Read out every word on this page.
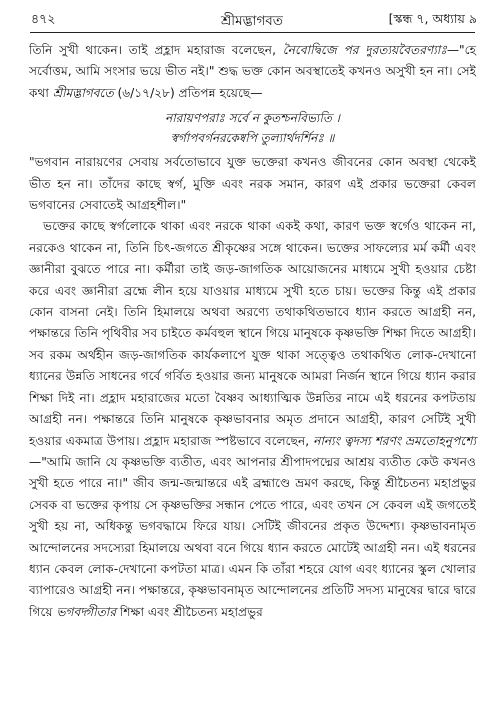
৪৭২	শ্রীমদ্ভাগবত	[স্কন্ধ ৭, অধ্যায় ৯

তিনি সুখী থাকেন। তাই প্রহ্লাদ মহারাজ বলেছেন, নৈবোদ্বিজে পর দুরত্যয়বৈতরণ্যাঃ—"হে সর্বোত্তম, আমি সংসার ভয়ে ভীত নই।" শুদ্ধ ভক্ত কোন অবস্থাতেই কখনও অসুখী হন না। সেই কথা শ্রীমদ্ভাগবতে (৬/১৭/২৮) প্রতিপন্ন হয়েছে—

নারায়ণপরাঃ সর্বে ন কুতশ্চনবিভ্যতি ।
স্বর্গাপবর্গনরকেষ্বপি তুল্যার্থদর্শিনঃ ॥

"ভগবান নারায়ণের সেবায় সর্বতোভাবে যুক্ত ভক্তেরা কখনও জীবনের কোন অবস্থা থেকেই ভীত হন না। তাঁদের কাছে স্বর্গ, মুক্তি এবং নরক সমান, কারণ এই প্রকার ভক্তেরা কেবল ভগবানের সেবাতেই আগ্রহশীল।"

ভক্তের কাছে স্বর্গলোকে থাকা এবং নরকে থাকা একই কথা, কারণ ভক্ত স্বর্গেও থাকেন না, নরকেও থাকেন না, তিনি চিৎ-জগতে শ্রীকৃষ্ণের সঙ্গে থাকেন। ভক্তের সাফল্যের মর্ম কর্মী এবং জ্ঞানীরা বুঝতে পারে না। কর্মীরা তাই জড়-জাগতিক আয়োজনের মাধ্যমে সুখী হওয়ার চেষ্টা করে এবং জ্ঞানীরা ব্রহ্মে লীন হয়ে যাওয়ার মাধ্যমে সুখী হতে চায়। ভক্তের কিন্তু এই প্রকার কোন বাসনা নেই। তিনি হিমালয়ে অথবা অরণ্যে তথাকথিতভাবে ধ্যান করতে আগ্রহী নন, পক্ষান্তরে তিনি পৃথিবীর সব চাইতে কর্মবহুল স্থানে গিয়ে মানুষকে কৃষ্ণভক্তি শিক্ষা দিতে আগ্রহী। সব রকম অর্থহীন জড়-জাগতিক কার্যকলাপে যুক্ত থাকা সত্ত্বেও তথাকথিত লোক-দেখানো ধ্যানের উন্নতি সাধনের গর্বে গর্বিত হওয়ার জন্য মানুষকে আমরা নির্জন স্থানে গিয়ে ধ্যান করার শিক্ষা দিই না। প্রহ্লাদ মহারাজের মতো বৈষ্ণব আধ্যাত্মিক উন্নতির নামে এই ধরনের কপটতায় আগ্রহী নন। পক্ষান্তরে তিনি মানুষকে কৃষ্ণভাবনার অমৃত প্রদানে আগ্রহী, কারণ সেটিই সুখী হওয়ার একমাত্র উপায়। প্রহ্লাদ মহারাজ স্পষ্টভাবে বলেছেন, নান্যং ত্বদস্য শরণং ভ্রমতোহনুপশ্যে—"আমি জানি যে কৃষ্ণভক্তি ব্যতীত, এবং আপনার শ্রীপাদপদ্মের আশ্রয় ব্যতীত কেউ কখনও সুখী হতে পারে না।" জীব জন্ম-জন্মান্তরে এই ব্রহ্মাণ্ডে ভ্রমণ করছে, কিন্তু শ্রীচৈতন্য মহাপ্রভুর সেবক বা ভক্তের কৃপায় সে কৃষ্ণভক্তির সন্ধান পেতে পারে, এবং তখন সে কেবল এই জগতেই সুখী হয় না, অধিকন্তু ভগবদ্ধামে ফিরে যায়। সেটিই জীবনের প্রকৃত উদ্দেশ্য। কৃষ্ণভাবনামৃত আন্দোলনের সদস্যেরা হিমালয়ে অথবা বনে গিয়ে ধ্যান করতে মোটেই আগ্রহী নন। এই ধরনের ধ্যান কেবল লোক-দেখানো কপটতা মাত্র। এমন কি তাঁরা শহরে যোগ এবং ধ্যানের স্কুল খোলার ব্যাপারেও আগ্রহী নন। পক্ষান্তরে, কৃষ্ণভাবনামৃত আন্দোলনের প্রতিটি সদস্য মানুষের দ্বারে দ্বারে গিয়ে ভগবদ্গীতার শিক্ষা এবং শ্রীচৈতন্য মহাপ্রভুর
